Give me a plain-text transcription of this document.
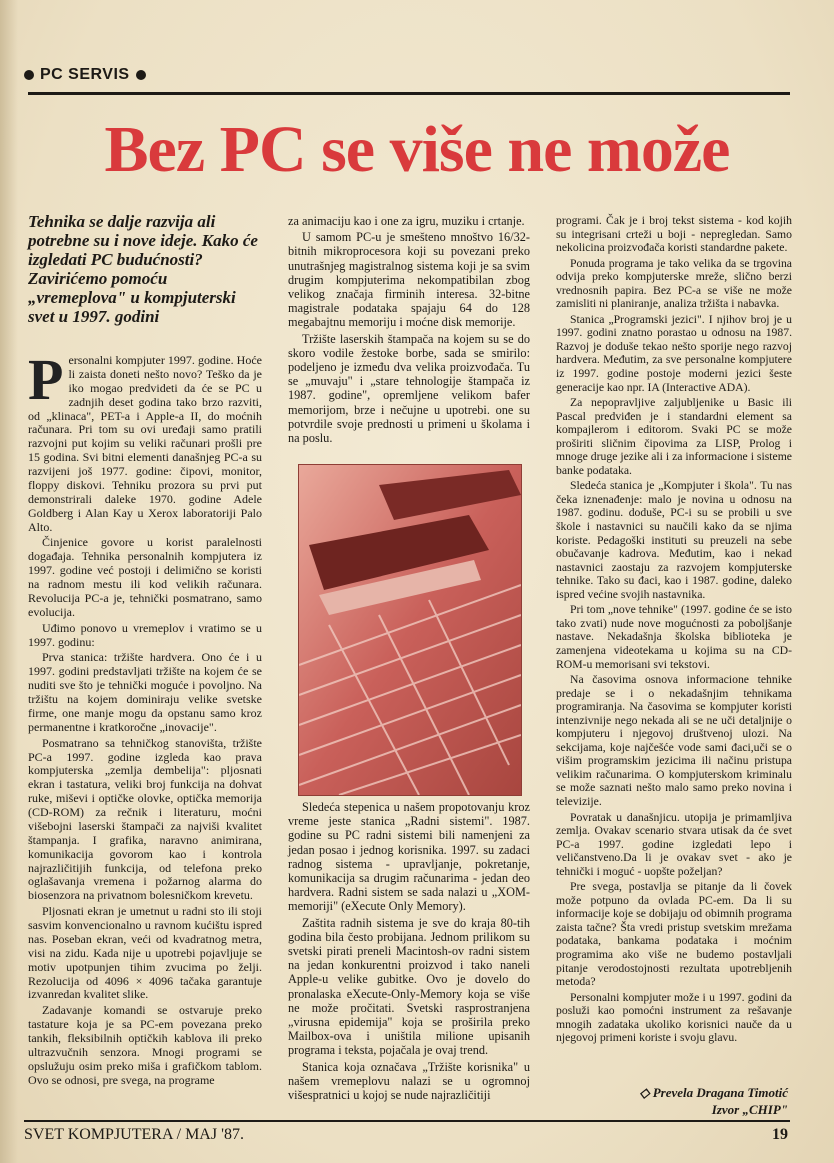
PC SERVIS
Bez PC se više ne može
Tehnika se dalje razvija ali potrebne su i nove ideje. Kako će izgledati PC budućnosti? Zavirićemo pomoću „vremeplova" u kompjuterski svet u 1997. godini

Personalni kompjuter 1997. godine. Hoće li zaista doneti nešto novo? Teško da je iko mogao predvideti da će se PC u zadnjih deset godina tako brzo razviti, od „klinaca", PET-a i Apple-a II, do moćnih računara. Pri tom su ovi uređaji samo pratili razvojni put kojim su veliki računari prošli pre 15 godina. Svi bitni elementi današnjeg PC-a su razvijeni još 1977. godine: čipovi, monitor, floppy diskovi. Tehniku prozora su prvi put demonstrirali daleke 1970. godine Adele Goldberg i Alan Kay u Xerox laboratoriji Palo Alto.

Činjenice govore u korist paralelnosti događaja. Tehnika personalnih kompjutera iz 1997. godine već postoji i delimično se koristi na radnom mestu ili kod velikih računara. Revolucija PC-a je, tehnički posmatrano, samo evolucija.

Uđimo ponovo u vremeplov i vratimo se u 1997. godinu:

Prva stanica: tržište hardvera. Ono će i u 1997. godini predstavljati tržište na kojem će se nuditi sve što je tehnički moguće i povoljno. Na tržištu na kojem dominiraju velike svetske firme, one manje mogu da opstanu samo kroz permanentne i kratkoročne „inovacije".

Posmatrano sa tehničkog stanovišta, tržište PC-a 1997. godine izgleda kao prava kompjuterska „zemlja dembelija": pljosnati ekran i tastatura, veliki broj funkcija na dohvat ruke, miševi i optičke olovke, optička memorija (CD-ROM) za rečnik i literaturu, moćni višebojni laserski štampači za najviši kvalitet štampanja. I grafika, naravno animirana, komunikacija govorom kao i kontrola najrazličitijih funkcija, od telefona preko oglašavanja vremena i požarnog alarma do biosenzora na privatnom bolesničkom krevetu.

Pljosnati ekran je umetnut u radni sto ili stoji sasvim konvencionalno u ravnom kućištu ispred nas. Poseban ekran, veći od kvadratnog metra, visi na zidu. Kada nije u upotrebi pojavljuje se motiv upotpunjen tihim zvucima po želji. Rezolucija od 4096 × 4096 tačaka garantuje izvanredan kvalitet slike.

Zadavanje komandi se ostvaruje preko tastature koja je sa PC-em povezana preko tankih, fleksibilnih optičkih kablova ili preko ultrazvučnih senzora. Mnogi programi se opslužuju osim preko miša i grafičkom tablom. Ovo se odnosi, pre svega, na programe

za animaciju kao i one za igru, muziku i crtanje.

U samom PC-u je smešteno mnoštvo 16/32-bitnih mikroprocesora koji su povezani preko unutrašnjeg magistralnog sistema koji je sa svim drugim kompjuterima nekompatibilan zbog velikog značaja firminih interesa. 32-bitne magistrale podataka spajaju 64 do 128 megabajtnu memoriju i moćne disk memorije.

Tržište laserskih štampača na kojem su se do skoro vodile žestoke borbe, sada se smirilo: podeljeno je između dva velika proizvođača. Tu se „muvaju" i „stare tehnologije štampača iz 1987. godine", opremljene velikom bafer memorijom, brze i nečujne u upotrebi. one su potvrdile svoje prednosti u primeni u školama i na poslu.

Sledeća stepenica u našem propotovanju kroz vreme jeste stanica „Radni sistemi". 1987. godine su PC radni sistemi bili namenjeni za jedan posao i jednog korisnika. 1997. su zadaci radnog sistema - upravljanje, pokretanje, komunikacija sa drugim računarima - jedan deo hardvera. Radni sistem se sada nalazi u „XOM-memoriji" (eXecute Only Memory).

Zaštita radnih sistema je sve do kraja 80-tih godina bila često probijana. Jednom prilikom su svetski pirati preneli Macintosh-ov radni sistem na jedan konkurentni proizvod i tako naneli Apple-u velike gubitke. Ovo je dovelo do pronalaska eXecute-Only-Memory koja se više ne može pročitati. Svetski rasprostranjena „virusna epidemija" koja se proširila preko Mailbox-ova i uništila milione upisanih programa i teksta, pojačala je ovaj trend.

Stanica koja označava „Tržište korisnika" u našem vremeplovu nalazi se u ogromnoj višespratnici u kojoj se nude najrazličitiji

programi. Čak je i broj tekst sistema - kod kojih su integrisani crteži u boji - nepregledan. Samo nekolicina proizvođača koristi standardne pakete.

Ponuda programa je tako velika da se trgovina odvija preko kompjuterske mreže, slično berzi vrednosnih papira. Bez PC-a se više ne može zamisliti ni planiranje, analiza tržišta i nabavka.

Stanica „Programski jezici". I njihov broj je u 1997. godini znatno porastao u odnosu na 1987. Razvoj je doduše tekao nešto sporije nego razvoj hardvera. Međutim, za sve personalne kompjutere iz 1997. godine postoje moderni jezici šeste generacije kao npr. IA (Interactive ADA).

Za nepopravljive zaljubljenike u Basic ili Pascal predviđen je i standardni element sa kompajlerom i editorom. Svaki PC se može proširiti sličnim čipovima za LISP, Prolog i mnoge druge jezike ali i za informacione i sisteme banke podataka.

Sledeća stanica je „Kompjuter i škola". Tu nas čeka iznenađenje: malo je novina u odnosu na 1987. godinu. doduše, PC-i su se probili u sve škole i nastavnici su naučili kako da se njima koriste. Pedagoški instituti su preuzeli na sebe obučavanje kadrova. Međutim, kao i nekad nastavnici zaostaju za razvojem kompjuterske tehnike. Tako su đaci, kao i 1987. godine, daleko ispred većine svojih nastavnika.

Pri tom „nove tehnike" (1997. godine će se isto tako zvati) nude nove mogućnosti za poboljšanje nastave. Nekadašnja školska biblioteka je zamenjena videotekama u kojima su na CD-ROM-u memorisani svi tekstovi.

Na časovima osnova informacione tehnike predaje se i o nekadašnjim tehnikama programiranja. Na časovima se kompjuter koristi intenzivnije nego nekada ali se ne uči detaljnije o kompjuteru i njegovoj društvenoj ulozi. Na sekcijama, koje najčešće vode sami đaci,uči se o višim programskim jezicima ili načinu pristupa velikim računarima. O kompjuterskom kriminalu se može saznati nešto malo samo preko novina i televizije.

Povratak u današnjicu. utopija je primamljiva zemlja. Ovakav scenario stvara utisak da će svet PC-a 1997. godine izgledati lepo i veličanstveno.Da li je ovakav svet - ako je tehnički i moguć - uopšte poželjan?

Pre svega, postavlja se pitanje da li čovek može potpuno da ovlada PC-em. Da li su informacije koje se dobijaju od obimnih programa zaista tačne? Šta vredi pristup svetskim mrežama podataka, bankama podataka i moćnim programima ako više ne budemo postavljali pitanje verodostojnosti rezultata upotrebljenih metoda?

Personalni kompjuter može i u 1997. godini da posluži kao pomoćni instrument za rešavanje mnogih zadataka ukoliko korisnici nauče da u njegovoj primeni koriste i svoju glavu.

◇ Prevela Dragana Timotić
Izvor „CHIP"
SVET KOMPJUTERA / MAJ '87.	19
